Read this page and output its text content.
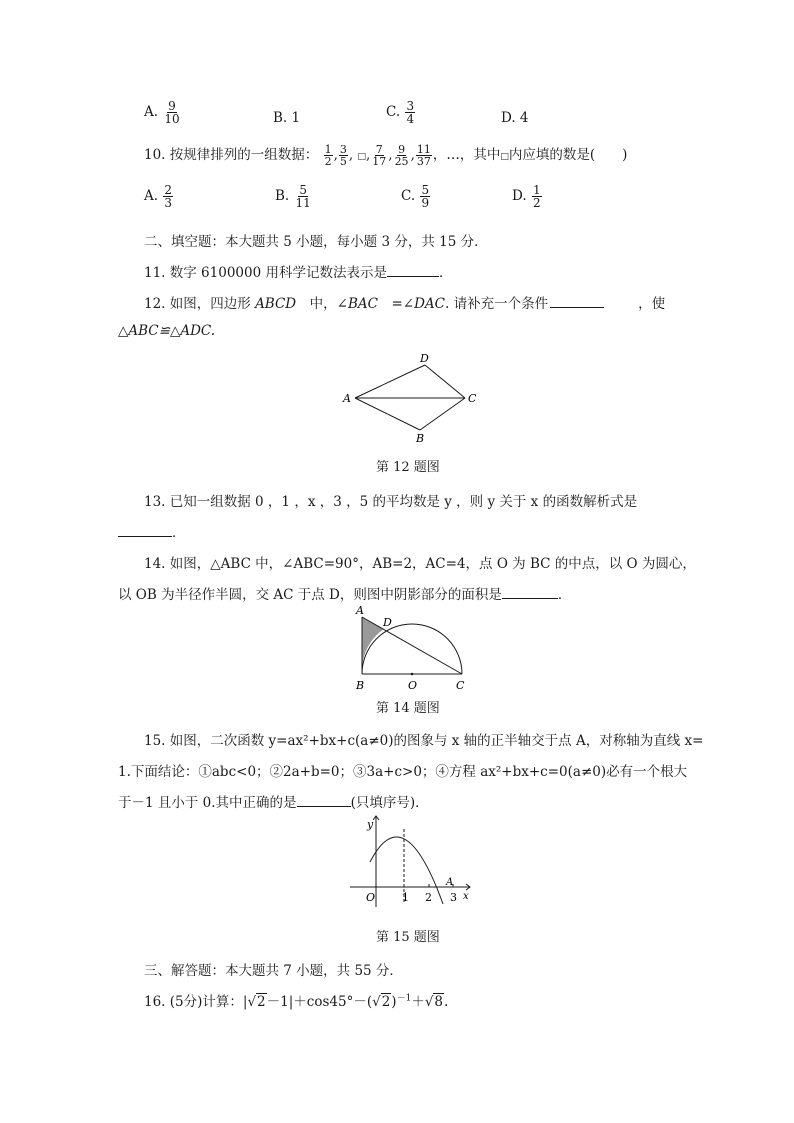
A. $\frac{9}{10}$	B. 1	C. $\frac{3}{4}$	D. 4
10. 按规律排列的一组数据： $\frac{1}{2}$ , $\frac{3}{5}$ , □, $\frac{7}{17}$ , $\frac{9}{25}$ , $\frac{11}{37}$ ，…，其中□内应填的数是(　　)
A. $\frac{2}{3}$	B. $\frac{5}{11}$	C. $\frac{5}{9}$	D. $\frac{1}{2}$
二、填空题：本大题共 5 小题，每小题 3 分，共 15 分．
11. 数字 6100000 用科学记数法表示是	．
12. 如图，四边形 ABCD　中，∠BAC　=∠DAC. 请补充一个条件	，使
△ABC≌△ADC.
A
D
C
B
第 12 题图
13. 已知一组数据 0 ，1 ，x ，3 ，5 的平均数是 y ，则 y 关于 x 的函数解析式是
．
14. 如图，△ABC 中，∠ABC=90°，AB=2，AC=4，点 O 为 BC 的中点，以 O 为圆心，
以 OB 为半径作半圆，交 AC 于点 D，则图中阴影部分的面积是	．
A
D
B	O	C
第 14 题图
15. 如图，二次函数 y=ax²+bx+c(a≠0)的图象与 x 轴的正半轴交于点 A，对称轴为直线 x=
1.下面结论：①abc<0；②2a+b=0；③3a+c>0；④方程 ax²+bx+c=0(a≠0)必有一个根大
于－1 且小于 0.其中正确的是	(只填序号)．
y
x
O 1 2 3
A
第 15 题图
三、解答题：本大题共 7 小题，共 55 分．
16. (5分)计算：$|√2-1|+\cos 45^\circ-(√2)^{-1}+√8$.
